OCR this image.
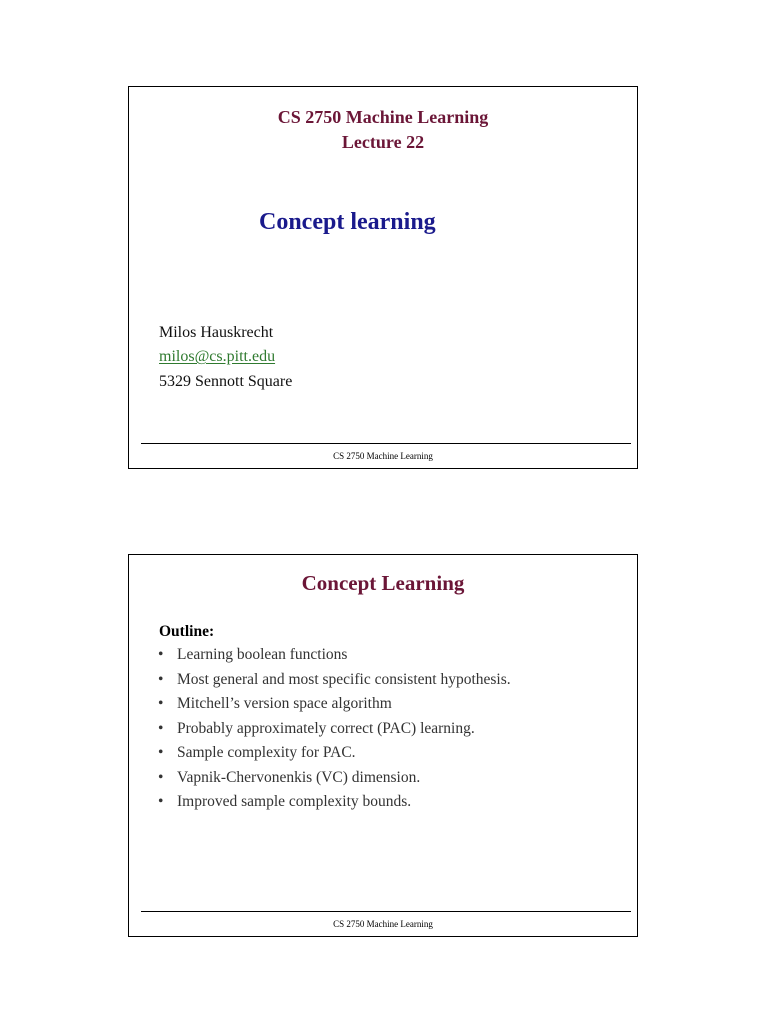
CS 2750 Machine Learning
Lecture 22
Concept learning
Milos Hauskrecht
milos@cs.pitt.edu
5329 Sennott Square
CS 2750 Machine Learning
Concept Learning
Outline:
• Learning boolean functions
• Most general and most specific consistent hypothesis.
• Mitchell’s version space algorithm
• Probably approximately correct (PAC) learning.
• Sample complexity for PAC.
• Vapnik-Chervonenkis (VC) dimension.
• Improved sample complexity bounds.
CS 2750 Machine Learning
